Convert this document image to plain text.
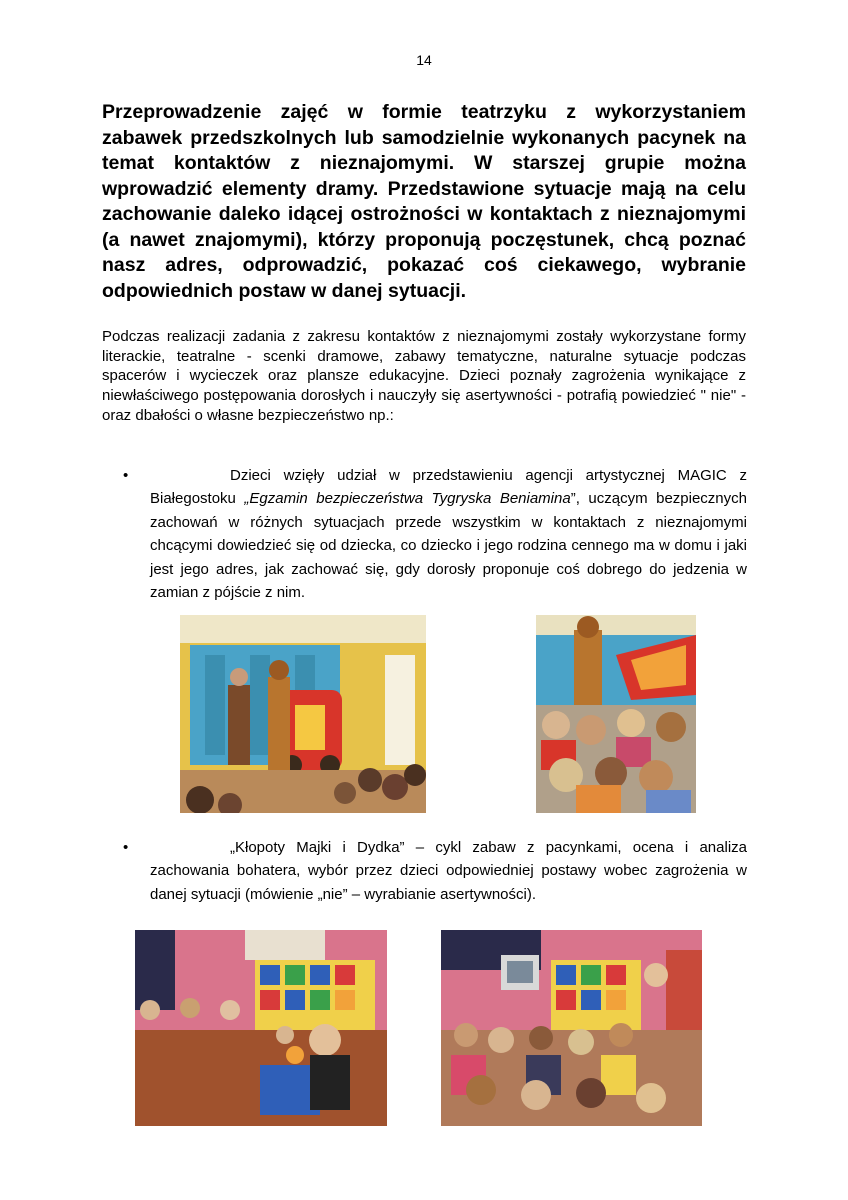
14

Przeprowadzenie zajęć w formie teatrzyku z wykorzystaniem zabawek przedszkolnych lub samodzielnie wykonanych pacynek na temat kontaktów z nieznajomymi. W starszej grupie można wprowadzić elementy dramy. Przedstawione sytuacje mają na celu zachowanie daleko idącej ostrożności w kontaktach z nieznajomymi (a nawet znajomymi), którzy proponują poczęstunek, chcą poznać nasz adres, odprowadzić, pokazać coś ciekawego, wybranie odpowiednich postaw w danej sytuacji.

Podczas realizacji zadania z zakresu kontaktów z nieznajomymi zostały wykorzystane formy literackie, teatralne - scenki dramowe, zabawy tematyczne, naturalne sytuacje podczas spacerów i wycieczek oraz plansze edukacyjne. Dzieci poznały zagrożenia wynikające z niewłaściwego postępowania dorosłych i nauczyły się asertywności - potrafią powiedzieć " nie" - oraz dbałości o własne bezpieczeństwo np.:

•	Dzieci wzięły udział w przedstawieniu agencji artystycznej MAGIC z Białegostoku „Egzamin bezpieczeństwa Tygryska Beniamina”, uczącym bezpiecznych zachowań w różnych sytuacjach przede wszystkim w kontaktach z nieznajomymi chcącymi dowiedzieć się od dziecka, co dziecko i jego rodzina cennego ma w domu i jaki jest jego adres, jak zachować się, gdy dorosły proponuje coś dobrego do jedzenia w zamian z pójście z nim.
•	„Kłopoty Majki i Dydka” – cykl zabaw z pacynkami, ocena i analiza zachowania bohatera, wybór przez dzieci odpowiedniej postawy wobec zagrożenia w danej sytuacji (mówienie „nie” – wyrabianie asertywności).
